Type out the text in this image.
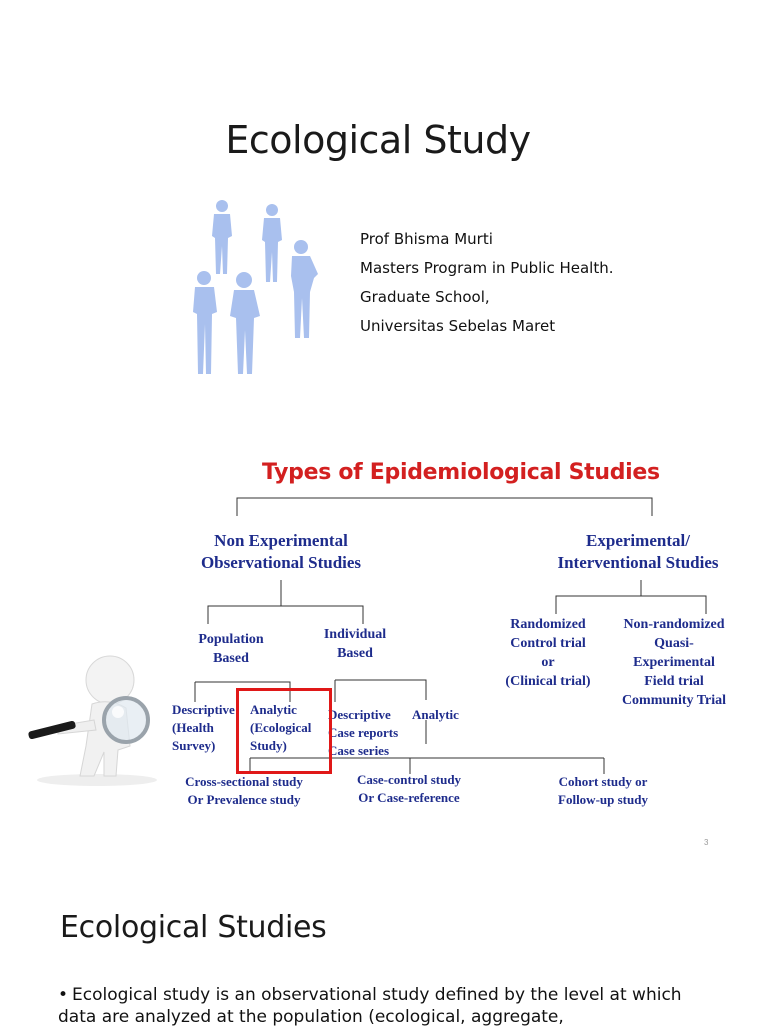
Ecological Study
Prof Bhisma Murti
Masters Program in Public Health.
Graduate School,
Universitas Sebelas Maret
Types of Epidemiological Studies
Non Experimental
Observational Studies
Experimental/
Interventional Studies
Population
Based
Individual
Based
Randomized
Control trial
or
(Clinical trial)
Non-randomized
Quasi-
Experimental
Field trial
Community Trial
Descriptive
(Health
Survey)
Analytic
(Ecological
Study)
Descriptive
Case reports
Case series
Analytic
Cross-sectional study
Or Prevalence study
Case-control study
Or Case-reference
Cohort study or
Follow-up study
3
Ecological Studies
• Ecological study is an observational study defined by the level at which data are analyzed at the population (ecological, aggregate,
